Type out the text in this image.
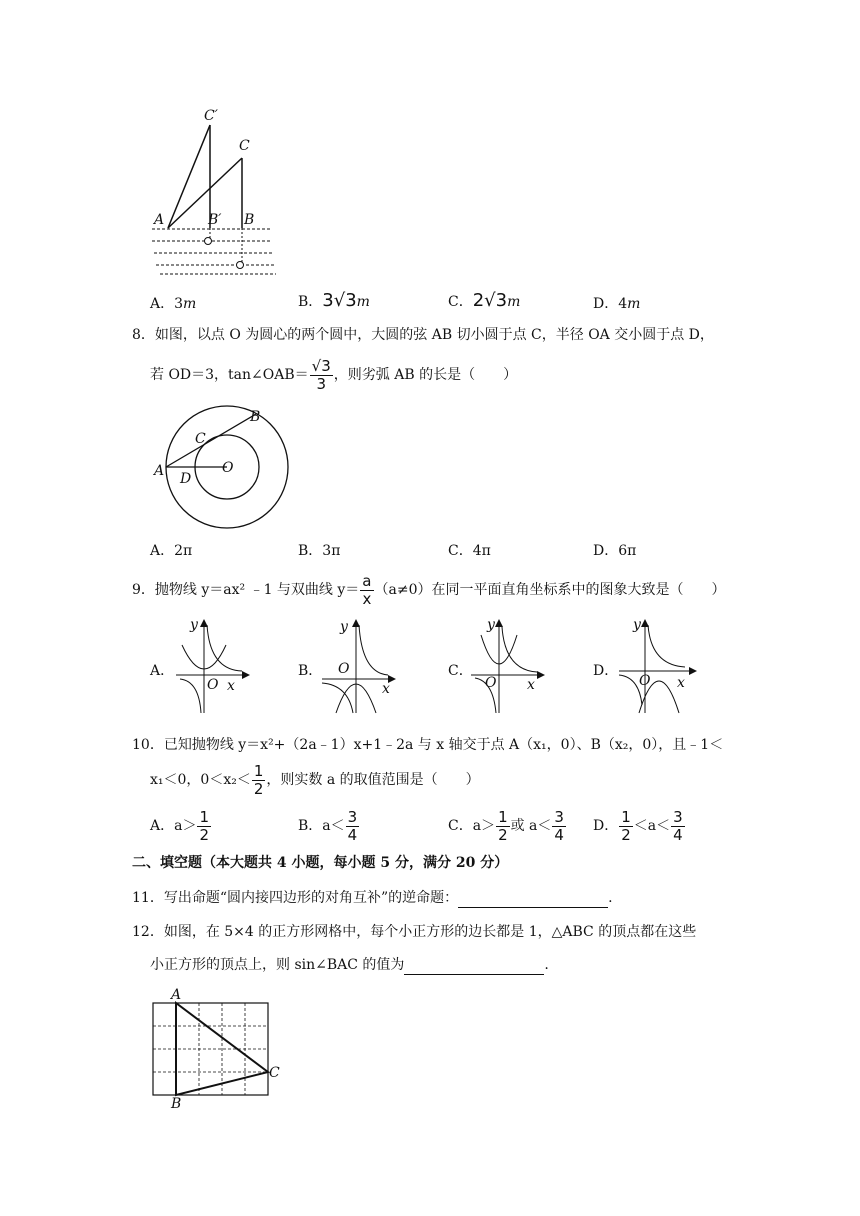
C′
C
A	B′ B
A．3m	B．3√3m	C．2√3m	D．4m
8．如图，以点 O 为圆心的两个圆中，大圆的弦 AB 切小圆于点 C，半径 OA 交小圆于点 D，
若 OD＝3，tan∠OAB＝ $\frac{√3}{3}$ ，则劣弧 AB 的长是（　　）
B
C
A D
O
A．2π	B．3π	C．4π	D．6π
9．抛物线 y＝ax² ﹣1 与双曲线 $y= \frac{a}{x} (a\ne 0)$在同一平面直角坐标系中的图象大致是（　　）
A．
y
O x
B．
y
O
x
C．
y
O x
D．
y
O x
10．已知抛物线 y＝x²+（2a﹣1）x+1﹣2a 与 x 轴交于点 A（x₁，0）、B（x₂，0），且﹣1＜
x₁＜0，$0<x_2< \frac{1}{2}$ ，则实数 a 的取值范围是（　　）
A．$a> \frac{1}{2}$	B．$a< \frac{3}{4}$	C．$a> \frac{1}{2}$ 或 $a< \frac{3}{4}$ D． $\frac{1}{2} <a< \frac{3}{4}$
二、填空题（本大题共 4 小题，每小题 5 分，满分 20 分）
11．写出命题“圆内接四边形的对角互补”的逆命题：	.
12．如图，在 5×4 的正方形网格中，每个小正方形的边长都是 1，△ABC 的顶点都在这些
小正方形的顶点上，则 sin∠BAC 的值为	.
A
B
C
